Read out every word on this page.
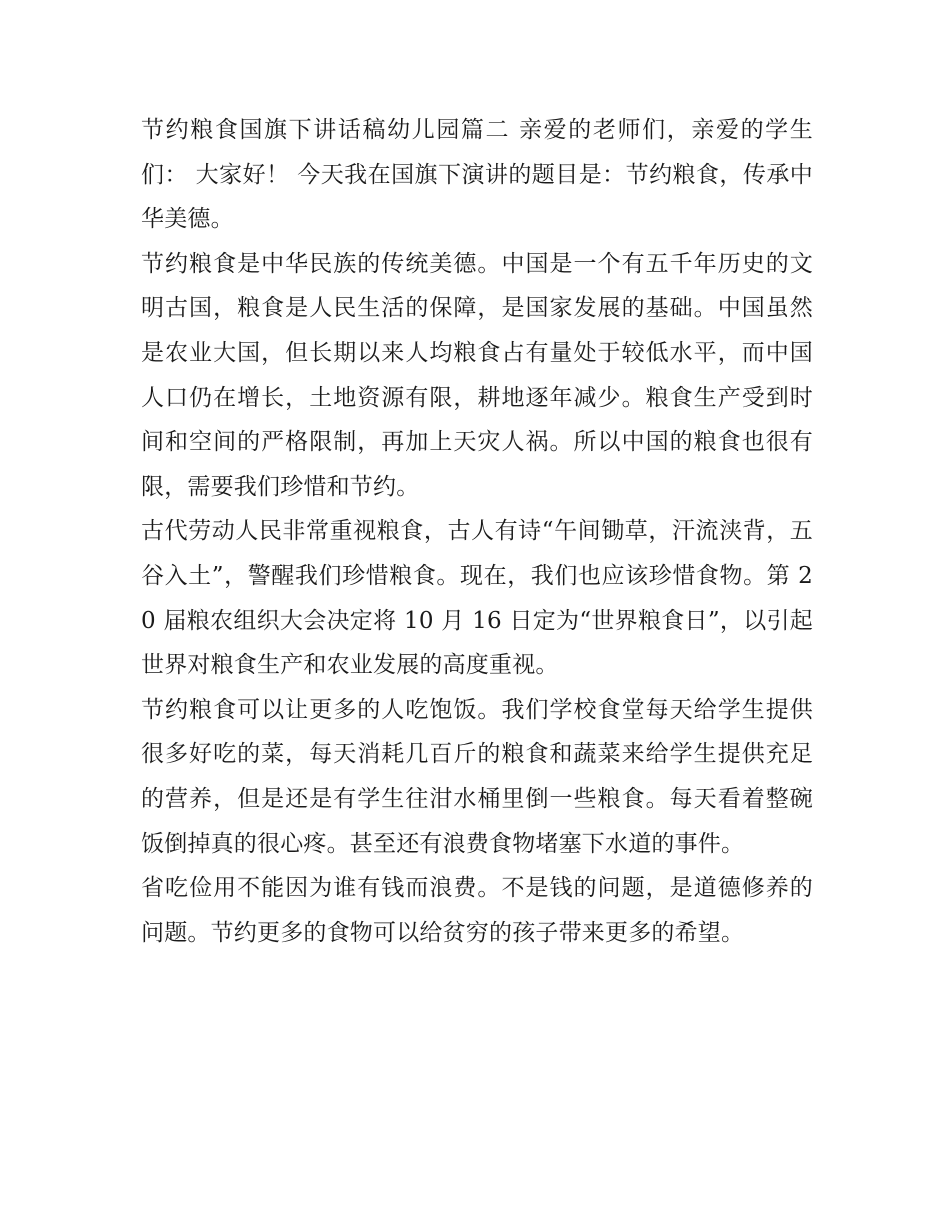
节约粮食国旗下讲话稿幼儿园篇二 亲爱的老师们，亲爱的学生们： 大家好！ 今天我在国旗下演讲的题目是：节约粮食，传承中华美德。

节约粮食是中华民族的传统美德。中国是一个有五千年历史的文明古国，粮食是人民生活的保障，是国家发展的基础。中国虽然是农业大国，但长期以来人均粮食占有量处于较低水平，而中国人口仍在增长，土地资源有限，耕地逐年减少。粮食生产受到时间和空间的严格限制，再加上天灾人祸。所以中国的粮食也很有限，需要我们珍惜和节约。

古代劳动人民非常重视粮食，古人有诗“午间锄草，汗流浃背，五谷入土”，警醒我们珍惜粮食。现在，我们也应该珍惜食物。第 20 届粮农组织大会决定将 10 月 16 日定为“世界粮食日”，以引起世界对粮食生产和农业发展的高度重视。

节约粮食可以让更多的人吃饱饭。我们学校食堂每天给学生提供很多好吃的菜，每天消耗几百斤的粮食和蔬菜来给学生提供充足的营养，但是还是有学生往泔水桶里倒一些粮食。每天看着整碗饭倒掉真的很心疼。甚至还有浪费食物堵塞下水道的事件。

省吃俭用不能因为谁有钱而浪费。不是钱的问题，是道德修养的问题。节约更多的食物可以给贫穷的孩子带来更多的希望。
